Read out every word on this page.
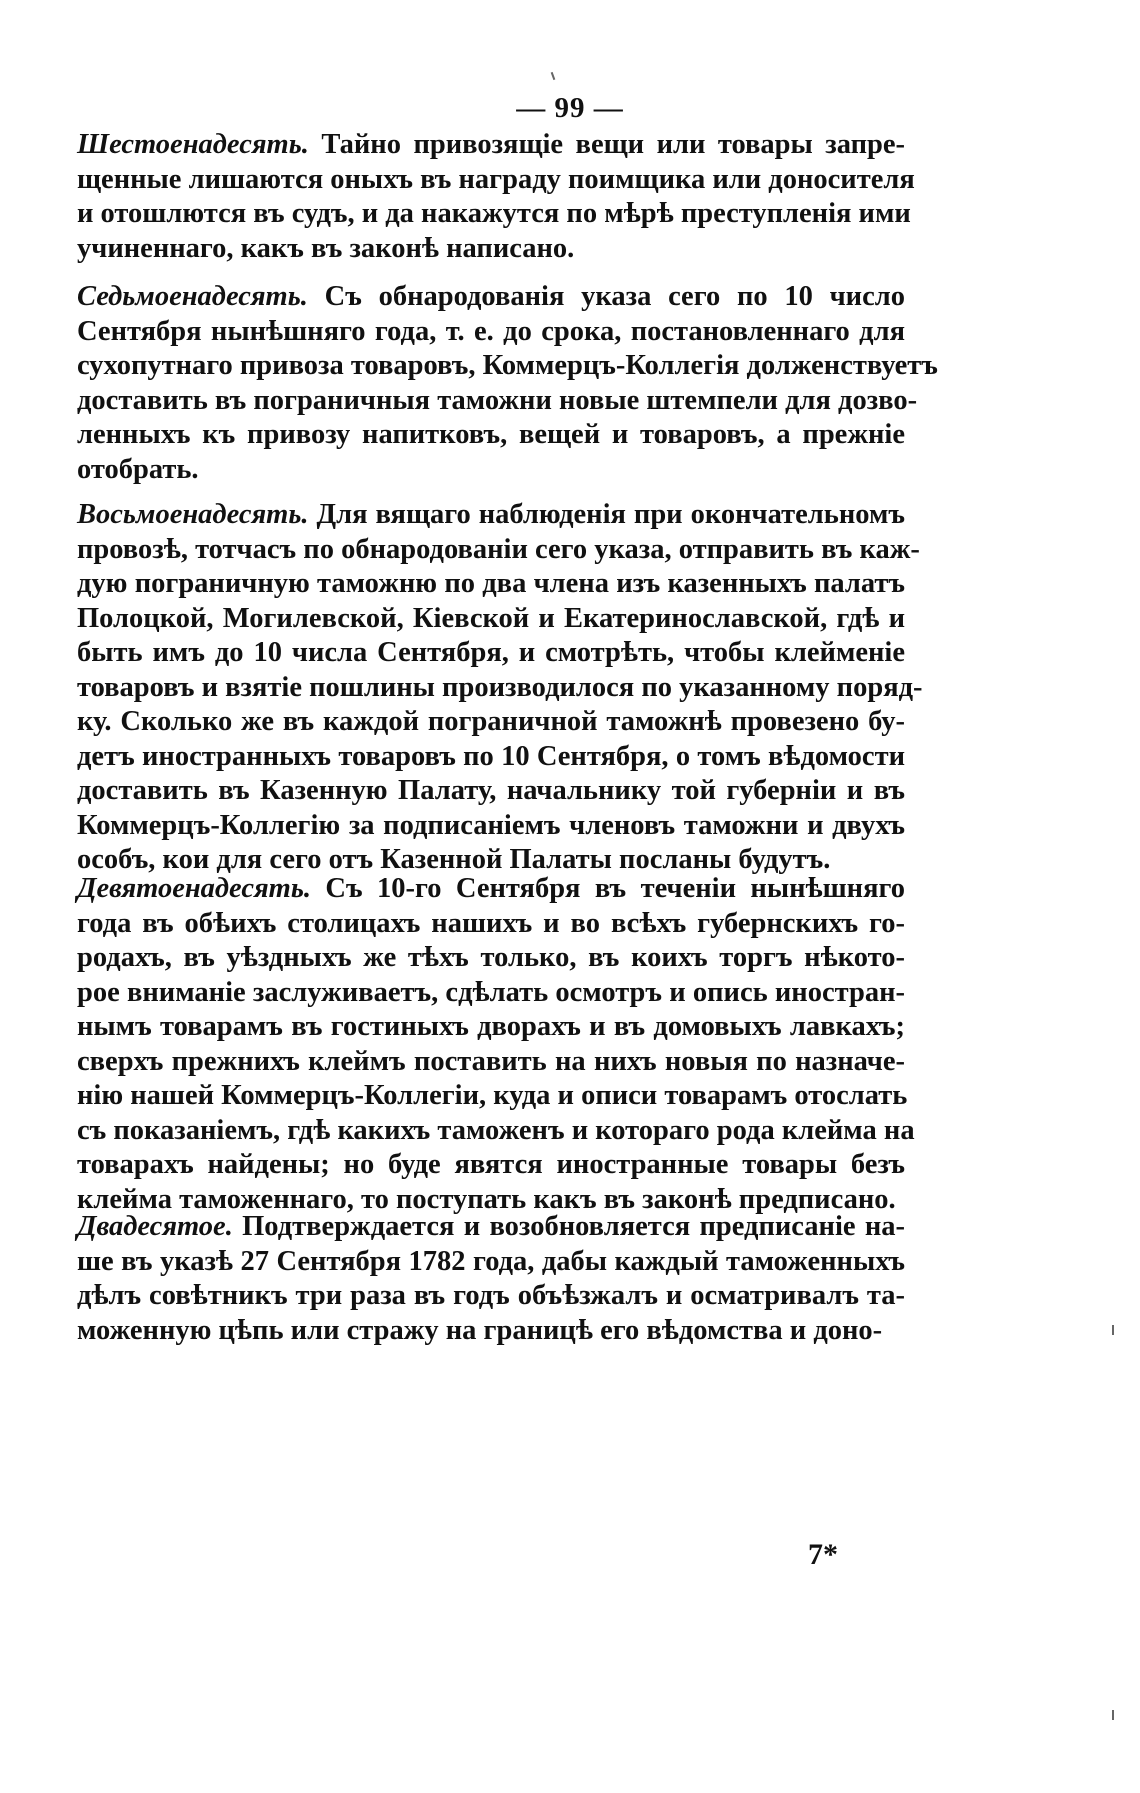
— 99 —
Шестоенадесять. Тайно привозящіе вещи или товары запре-
щенные лишаются оныхъ въ награду поимщика или доносителя
и отошлются въ судъ, и да накажутся по мѣрѣ преступленія ими
учиненнаго, какъ въ законѣ написано.
Седьмоенадесять. Съ обнародованія указа сего по 10 число
Сентября нынѣшняго года, т. е. до срока, постановленнаго для
сухопутнаго привоза товаровъ, Коммерцъ-Коллегія долженствуетъ
доставить въ пограничныя таможни новые штемпели для дозво-
ленныхъ къ привозу напитковъ, вещей и товаровъ, а прежніе
отобрать.
Восьмоенадесять. Для вящаго наблюденія при окончательномъ
провозѣ, тотчасъ по обнародованіи сего указа, отправить въ каж-
дую пограничную таможню по два члена изъ казенныхъ палатъ
Полоцкой, Могилевской, Кіевской и Екатеринославской, гдѣ и
быть имъ до 10 числа Сентября, и смотрѣть, чтобы клейменіе
товаровъ и взятіе пошлины производилося по указанному поряд-
ку. Сколько же въ каждой пограничной таможнѣ провезено бу-
детъ иностранныхъ товаровъ по 10 Сентября, о томъ вѣдомости
доставить въ Казенную Палату, начальнику той губерніи и въ
Коммерцъ-Коллегію за подписаніемъ членовъ таможни и двухъ
особъ, кои для сего отъ Казенной Палаты посланы будутъ.
Девятоенадесять. Съ 10-го Сентября въ теченіи нынѣшняго
года въ обѣихъ столицахъ нашихъ и во всѣхъ губернскихъ го-
родахъ, въ уѣздныхъ же тѣхъ только, въ коихъ торгъ нѣкото-
рое вниманіе заслуживаетъ, сдѣлать осмотръ и опись иностран-
нымъ товарамъ въ гостиныхъ дворахъ и въ домовыхъ лавкахъ;
сверхъ прежнихъ клеймъ поставить на нихъ новыя по назначе-
нію нашей Коммерцъ-Коллегіи, куда и описи товарамъ отослать
съ показаніемъ, гдѣ какихъ таможенъ и котораго рода клейма на
товарахъ найдены; но буде явятся иностранные товары безъ
клейма таможеннаго, то поступать какъ въ законѣ предписано.
Двадесятое. Подтверждается и возобновляется предписаніе на-
ше въ указѣ 27 Сентября 1782 года, дабы каждый таможенныхъ
дѣлъ совѣтникъ три раза въ годъ объѣзжалъ и осматривалъ та-
моженную цѣпь или стражу на границѣ его вѣдомства и доно-
7*
